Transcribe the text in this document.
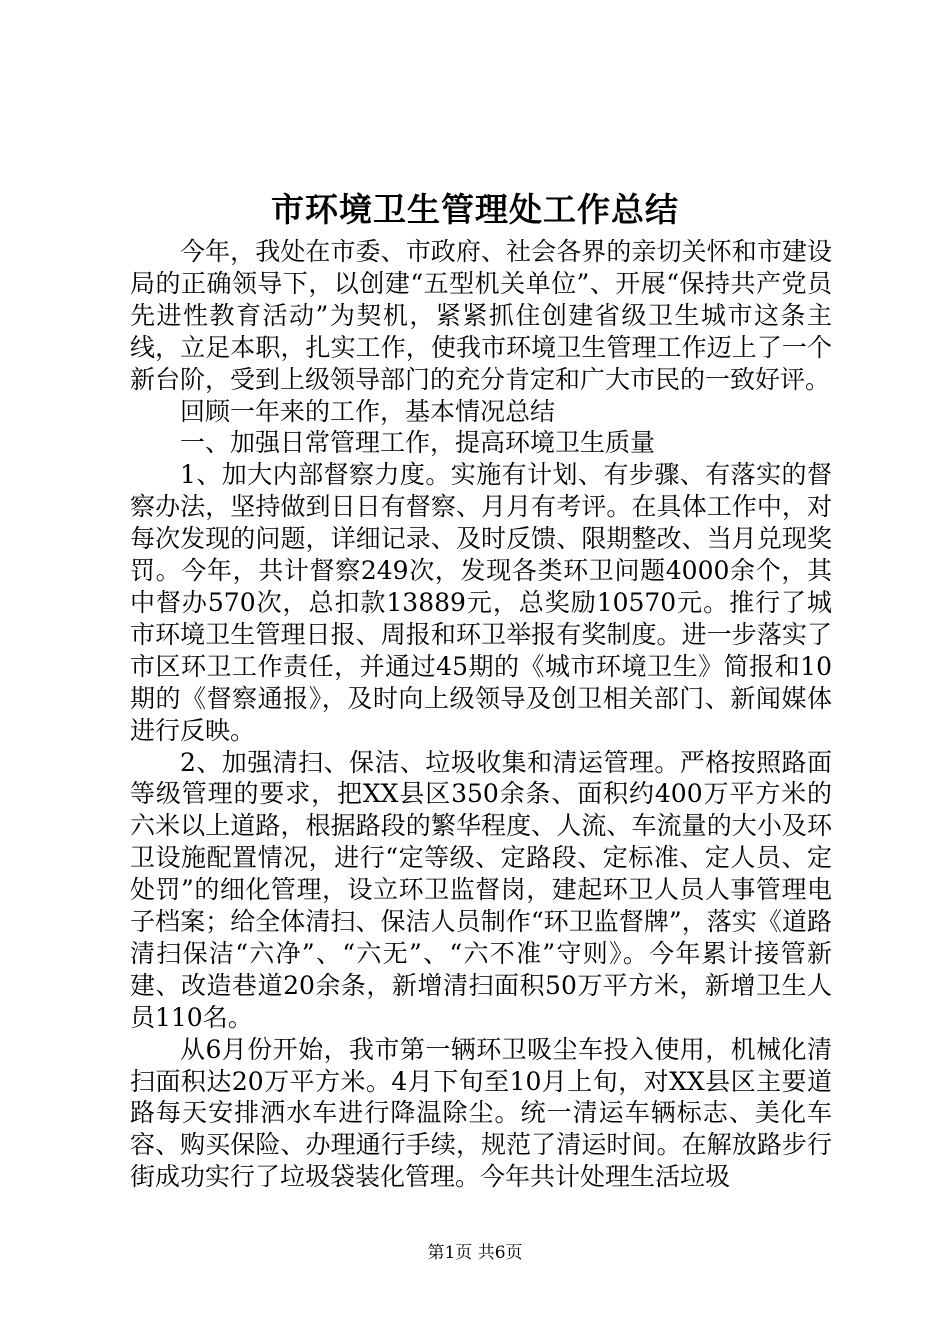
市环境卫生管理处工作总结

今年，我处在市委、市政府、社会各界的亲切关怀和市建设局的正确领导下，以创建“五型机关单位”、开展“保持共产党员先进性教育活动”为契机，紧紧抓住创建省级卫生城市这条主线，立足本职，扎实工作，使我市环境卫生管理工作迈上了一个新台阶，受到上级领导部门的充分肯定和广大市民的一致好评。

回顾一年来的工作，基本情况总结

一、加强日常管理工作，提高环境卫生质量

1、加大内部督察力度。实施有计划、有步骤、有落实的督察办法，坚持做到日日有督察、月月有考评。在具体工作中，对每次发现的问题，详细记录、及时反馈、限期整改、当月兑现奖罚。今年，共计督察249次，发现各类环卫问题4000余个，其中督办570次，总扣款13889元，总奖励10570元。推行了城市环境卫生管理日报、周报和环卫举报有奖制度。进一步落实了市区环卫工作责任，并通过45期的《城市环境卫生》简报和10期的《督察通报》，及时向上级领导及创卫相关部门、新闻媒体进行反映。

2、加强清扫、保洁、垃圾收集和清运管理。严格按照路面等级管理的要求，把XX县区350余条、面积约400万平方米的六米以上道路，根据路段的繁华程度、人流、车流量的大小及环卫设施配置情况，进行“定等级、定路段、定标准、定人员、定处罚”的细化管理，设立环卫监督岗，建起环卫人员人事管理电子档案；给全体清扫、保洁人员制作“环卫监督牌”，落实《道路清扫保洁“六净”、“六无”、“六不准”守则》。今年累计接管新建、改造巷道20余条，新增清扫面积50万平方米，新增卫生人员110名。

从6月份开始，我市第一辆环卫吸尘车投入使用，机械化清扫面积达20万平方米。4月下旬至10月上旬，对XX县区主要道路每天安排洒水车进行降温除尘。统一清运车辆标志、美化车容、购买保险、办理通行手续，规范了清运时间。在解放路步行街成功实行了垃圾袋装化管理。今年共计处理生活垃圾

第1页 共6页
